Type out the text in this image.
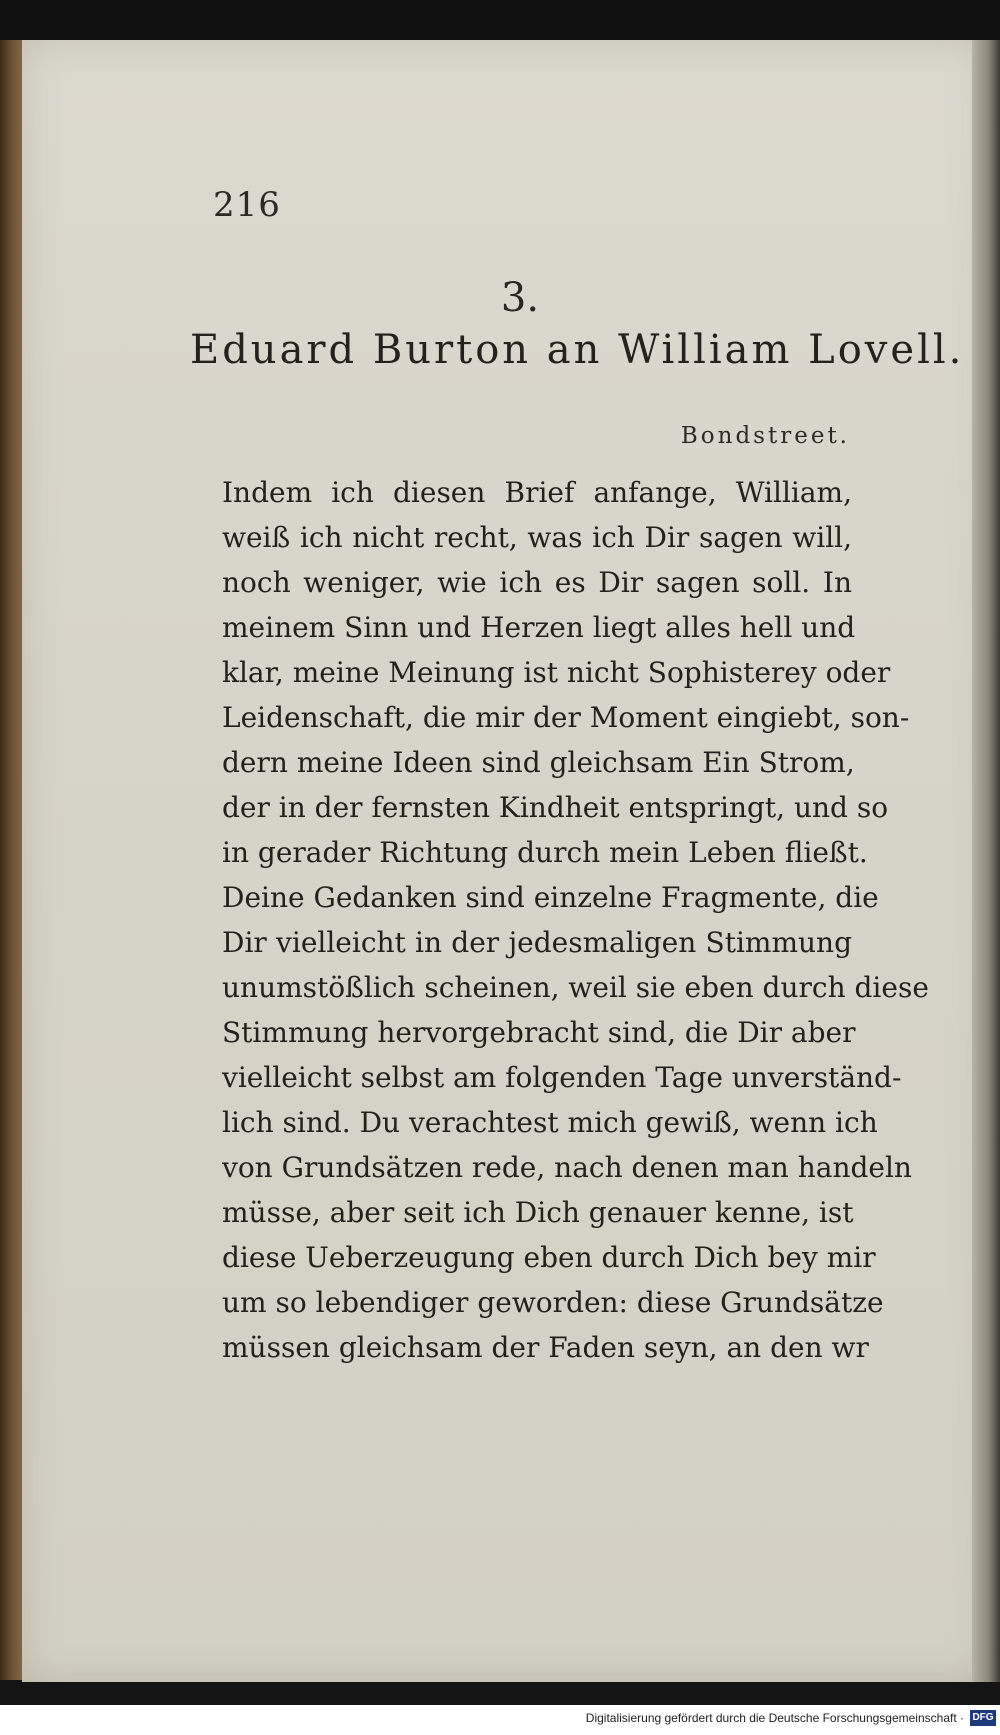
216
3.
Eduard Burton an William Lovell.
Bondstreet.
Indem ich diesen Brief anfange, William,
weiß ich nicht recht, was ich Dir sagen will,
noch weniger, wie ich es Dir sagen soll. In
meinem Sinn und Herzen liegt alles hell und
klar, meine Meinung ist nicht Sophisterey oder
Leidenschaft, die mir der Moment eingiebt, son-
dern meine Ideen sind gleichsam Ein Strom,
der in der fernsten Kindheit entspringt, und so
in gerader Richtung durch mein Leben fließt.
Deine Gedanken sind einzelne Fragmente, die
Dir vielleicht in der jedesmaligen Stimmung
unumstößlich scheinen, weil sie eben durch diese
Stimmung hervorgebracht sind, die Dir aber
vielleicht selbst am folgenden Tage unverständ-
lich sind. Du verachtest mich gewiß, wenn ich
von Grundsätzen rede, nach denen man handeln
müsse, aber seit ich Dich genauer kenne, ist
diese Ueberzeugung eben durch Dich bey mir
um so lebendiger geworden: diese Grundsätze
müssen gleichsam der Faden seyn, an den wr
Digitalisierung gefördert durch die Deutsche Forschungsgemeinschaft · DFG
